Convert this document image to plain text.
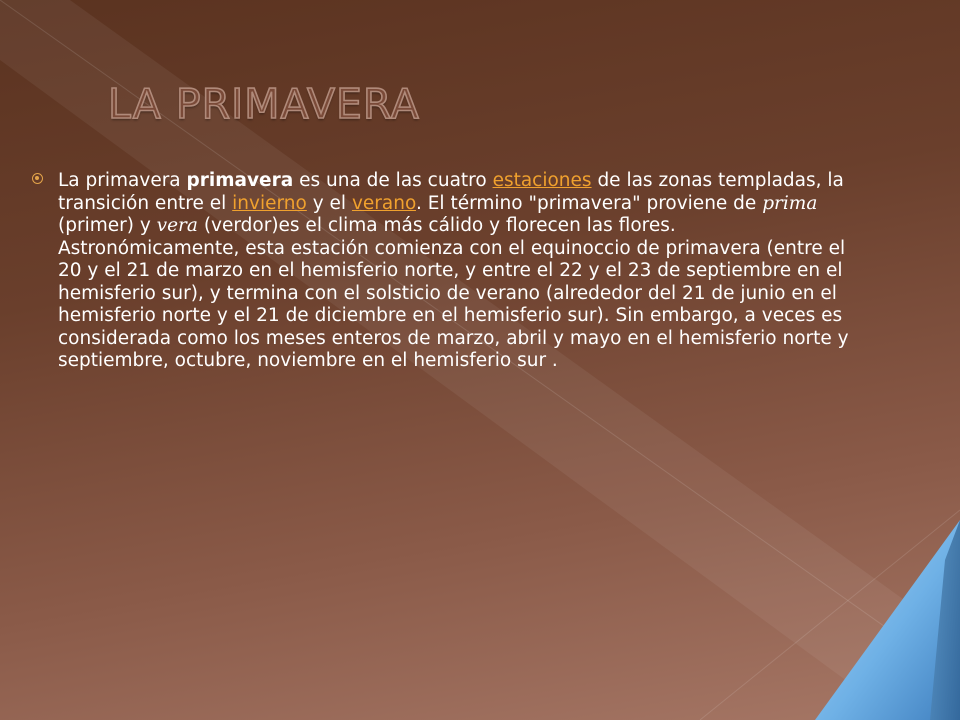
LA PRIMAVERA

La primavera primavera es una de las cuatro estaciones de las zonas templadas, la transición entre el invierno y el verano. El término "primavera" proviene de prima (primer) y vera (verdor)es el clima más cálido y florecen las flores. Astronómicamente, esta estación comienza con el equinoccio de primavera (entre el 20 y el 21 de marzo en el hemisferio norte, y entre el 22 y el 23 de septiembre en el hemisferio sur), y termina con el solsticio de verano (alrededor del 21 de junio en el hemisferio norte y el 21 de diciembre en el hemisferio sur). Sin embargo, a veces es considerada como los meses enteros de marzo, abril y mayo en el hemisferio norte y septiembre, octubre, noviembre en el hemisferio sur .
